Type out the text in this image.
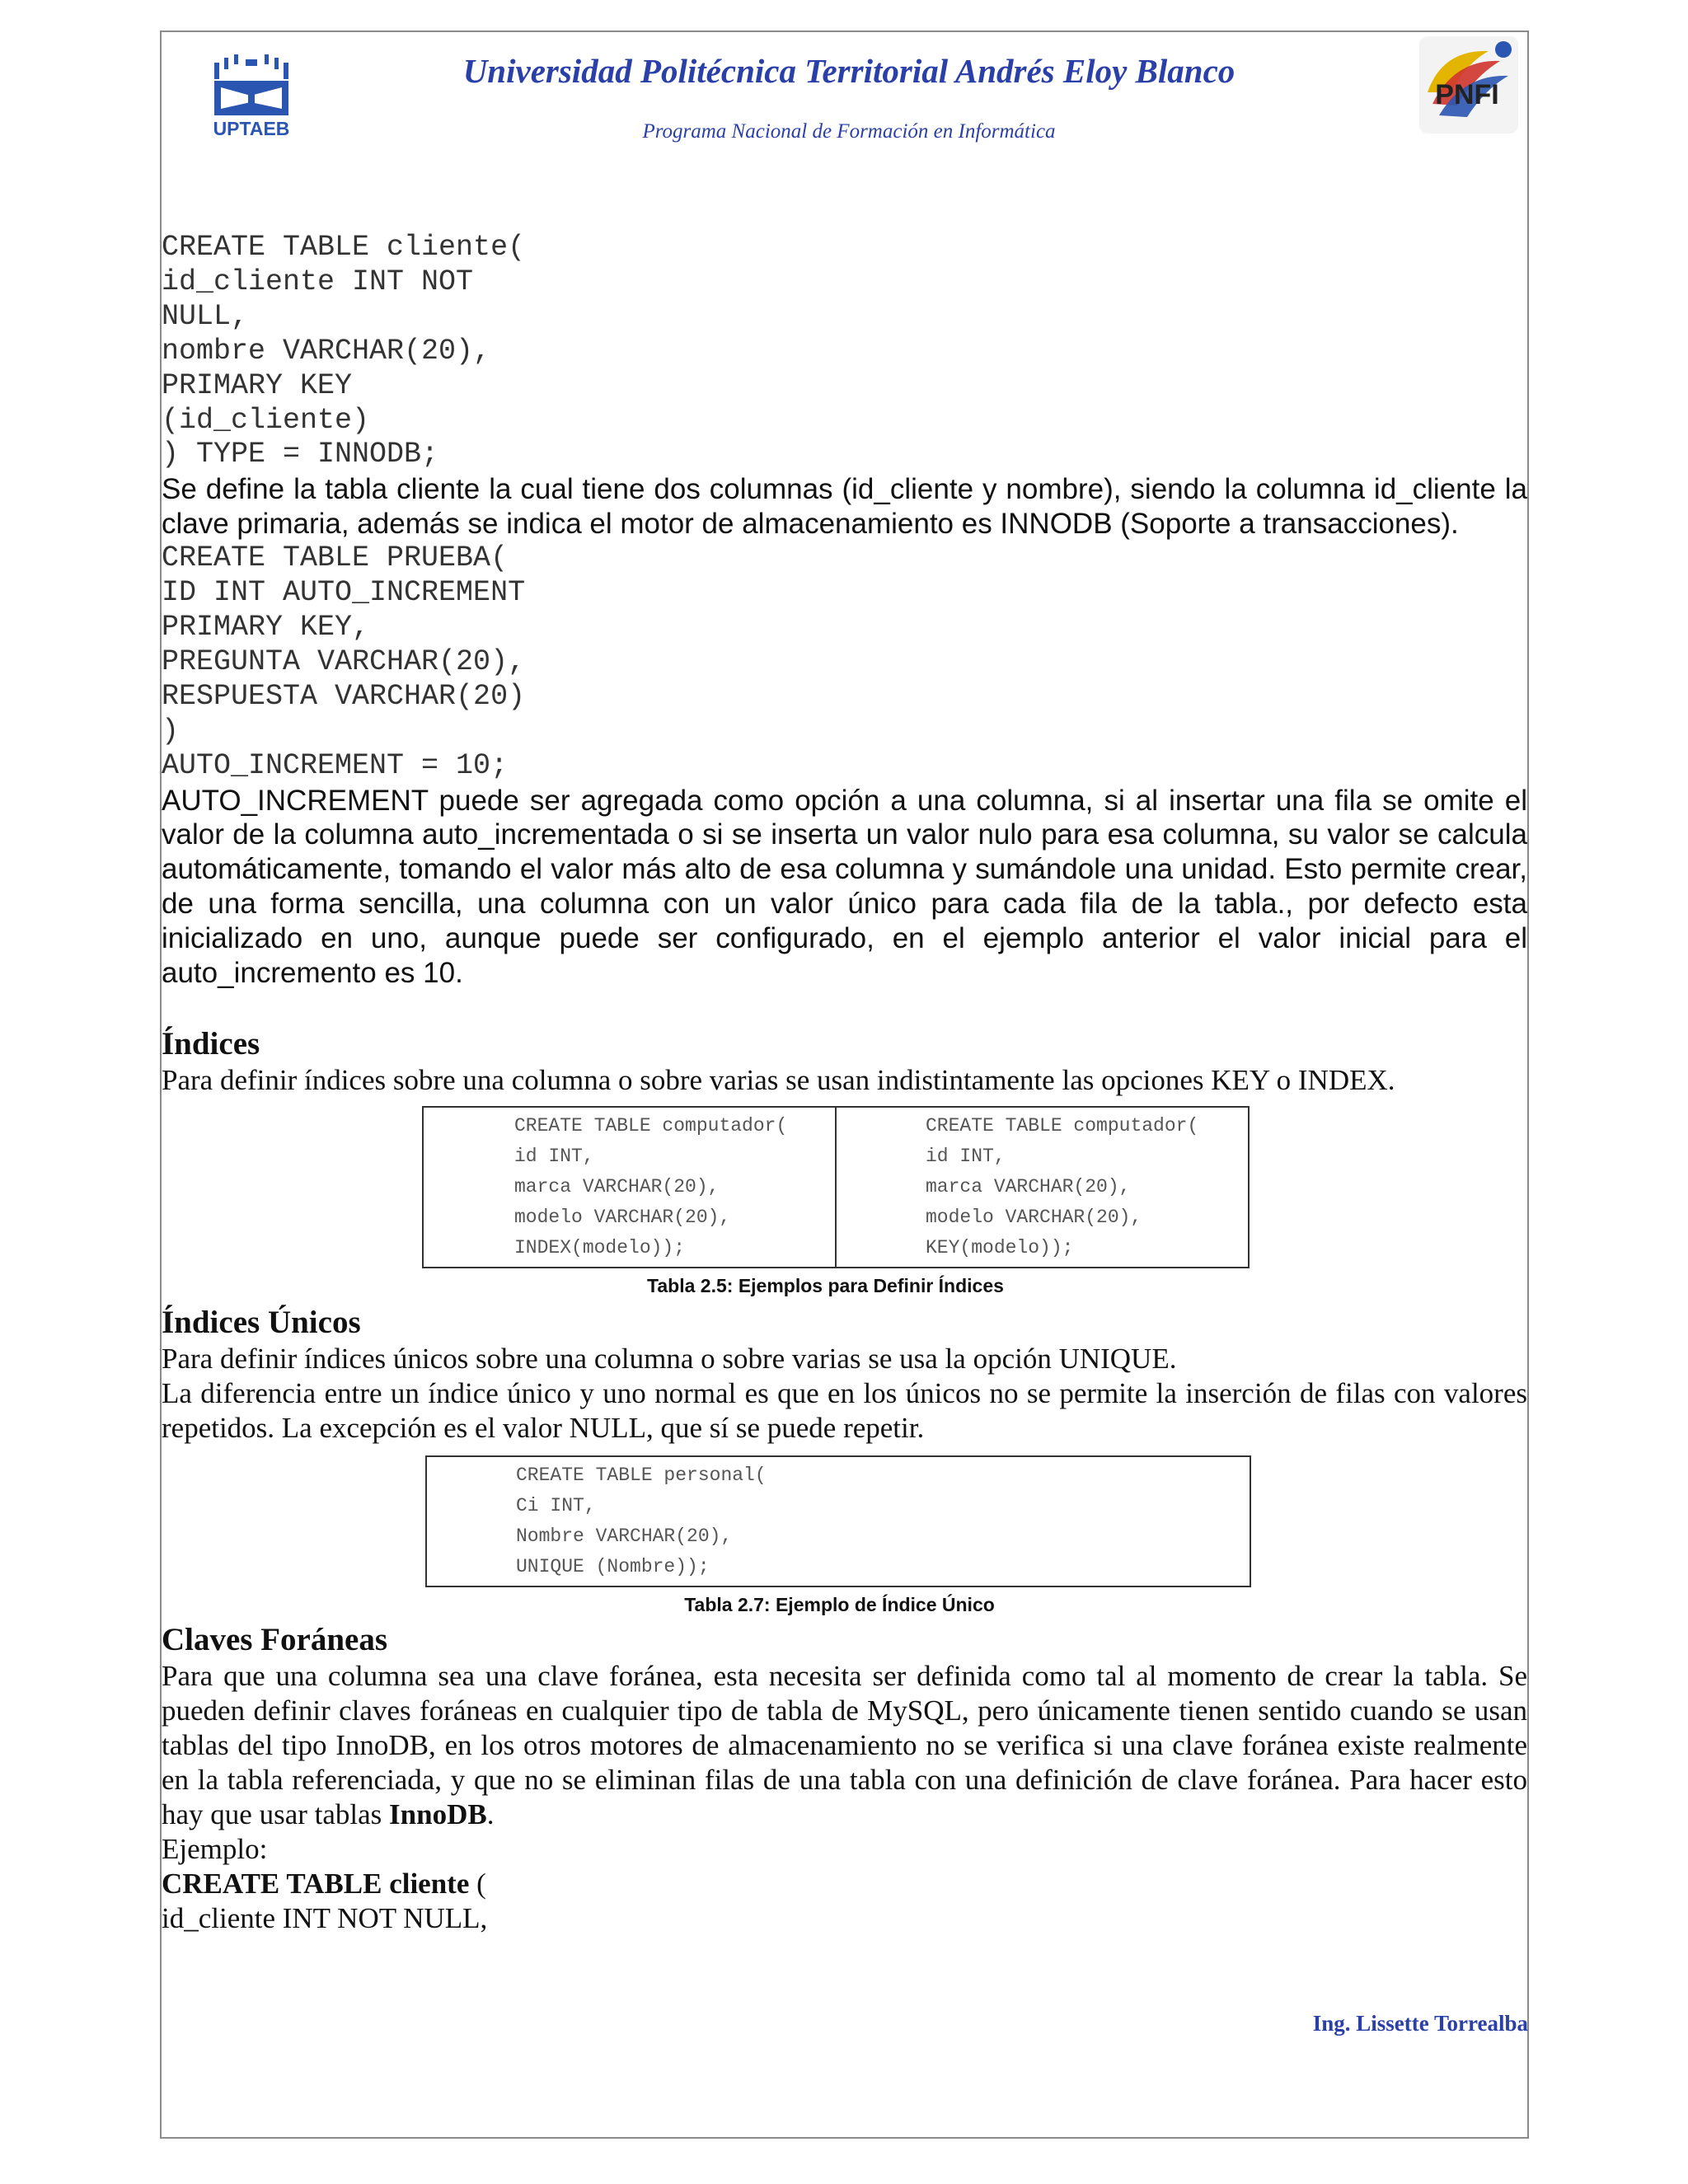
UPTAEB
PNFI
Universidad Politécnica Territorial Andrés Eloy Blanco
Programa Nacional de Formación en Informática
CREATE TABLE cliente(
id_cliente INT NOT
NULL,
nombre VARCHAR(20),
PRIMARY KEY
(id_cliente)
) TYPE = INNODB;
Se define la tabla cliente la cual tiene dos columnas (id_cliente y nombre), siendo la columna id_cliente la clave primaria, además se indica el motor de almacenamiento es INNODB (Soporte a transacciones).
CREATE TABLE PRUEBA(
ID INT AUTO_INCREMENT
PRIMARY KEY,
PREGUNTA VARCHAR(20),
RESPUESTA VARCHAR(20)
)
AUTO_INCREMENT = 10;
AUTO_INCREMENT puede ser agregada como opción a una columna, si al insertar una fila se omite el valor de la columna auto_incrementada o si se inserta un valor nulo para esa columna, su valor se calcula automáticamente, tomando el valor más alto de esa columna y sumándole una unidad. Esto permite crear, de una forma sencilla, una columna con un valor único para cada fila de la tabla., por defecto esta inicializado en uno, aunque puede ser configurado, en el ejemplo anterior el valor inicial para el auto_incremento es 10.
Índices
Para definir índices sobre una columna o sobre varias se usan indistintamente las opciones KEY o INDEX.
CREATE TABLE computador(
id INT,
marca VARCHAR(20),
modelo VARCHAR(20),
INDEX(modelo));

CREATE TABLE computador(
id INT,
marca VARCHAR(20),
modelo VARCHAR(20),
KEY(modelo));
Tabla 2.5: Ejemplos para Definir Índices
Índices Únicos
Para definir índices únicos sobre una columna o sobre varias se usa la opción UNIQUE.
La diferencia entre un índice único y uno normal es que en los únicos no se permite la inserción de filas con valores repetidos. La excepción es el valor NULL, que sí se puede repetir.
CREATE TABLE personal(
Ci INT,
Nombre VARCHAR(20),
UNIQUE (Nombre));
Tabla 2.7: Ejemplo de Índice Único
Claves Foráneas
Para que una columna sea una clave foránea, esta necesita ser definida como tal al momento de crear la tabla. Se pueden definir claves foráneas en cualquier tipo de tabla de MySQL, pero únicamente tienen sentido cuando se usan tablas del tipo InnoDB, en los otros motores de almacenamiento no se verifica si una clave foránea existe realmente en la tabla referenciada, y que no se eliminan filas de una tabla con una definición de clave foránea. Para hacer esto hay que usar tablas InnoDB.
Ejemplo:
CREATE TABLE cliente (
id_cliente INT NOT NULL,
Ing. Lissette Torrealba
